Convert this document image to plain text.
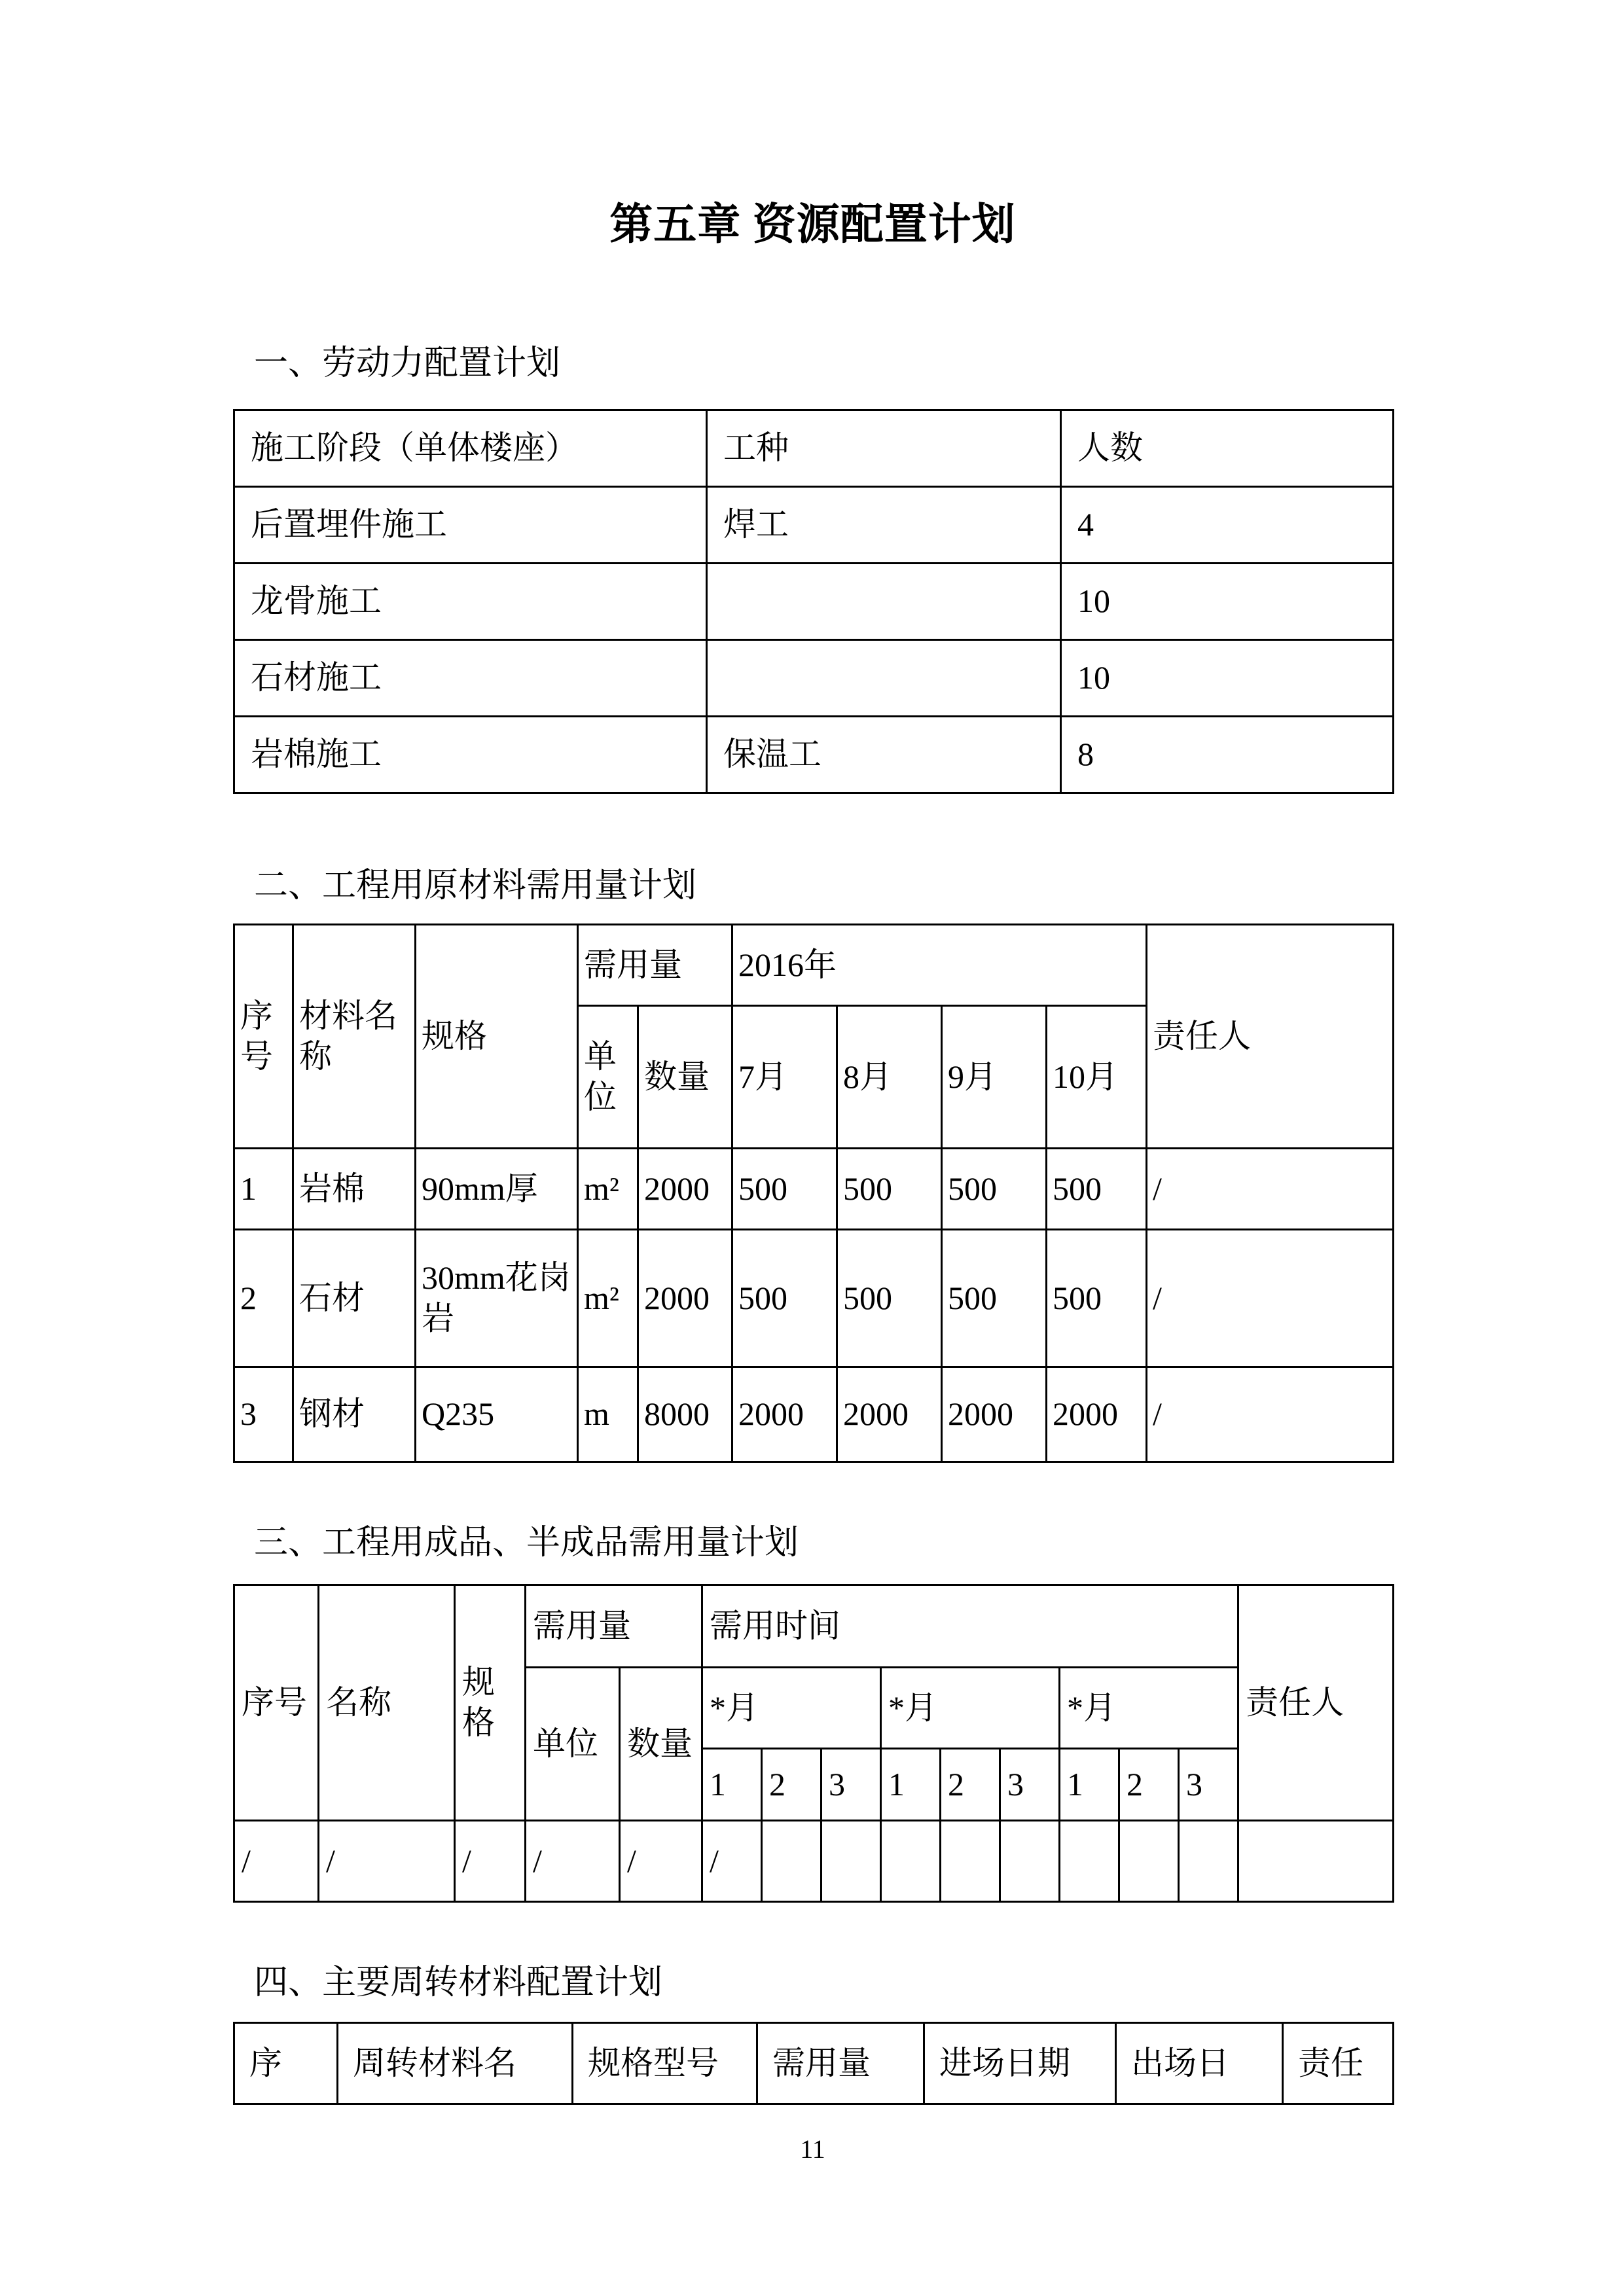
第五章 资源配置计划
一、劳动力配置计划
施工阶段（单体楼座）	工种	人数
后置埋件施工	焊工	4
龙骨施工		10
石材施工		10
岩棉施工	保温工	8
二、工程用原材料需用量计划
序号	材料名称	规格	需用量		2016年				责任人
			单位	数量	7月	8月	9月	10月	
1	岩棉	90mm厚	m²	2000	500	500	500	500	/
2	石材	30mm花岗岩	m²	2000	500	500	500	500	/
3	钢材	Q235	m	8000	2000	2000	2000	2000	/
三、工程用成品、半成品需用量计划
序号	名称	规格	需用量		需用时间									责任人
			单位	数量	*月			*月			*月			
					1	2	3	1	2	3	1	2	3	
/	/	/	/	/	/									
四、主要周转材料配置计划
序	周转材料名	规格型号	需用量	进场日期	出场日	责任
11
